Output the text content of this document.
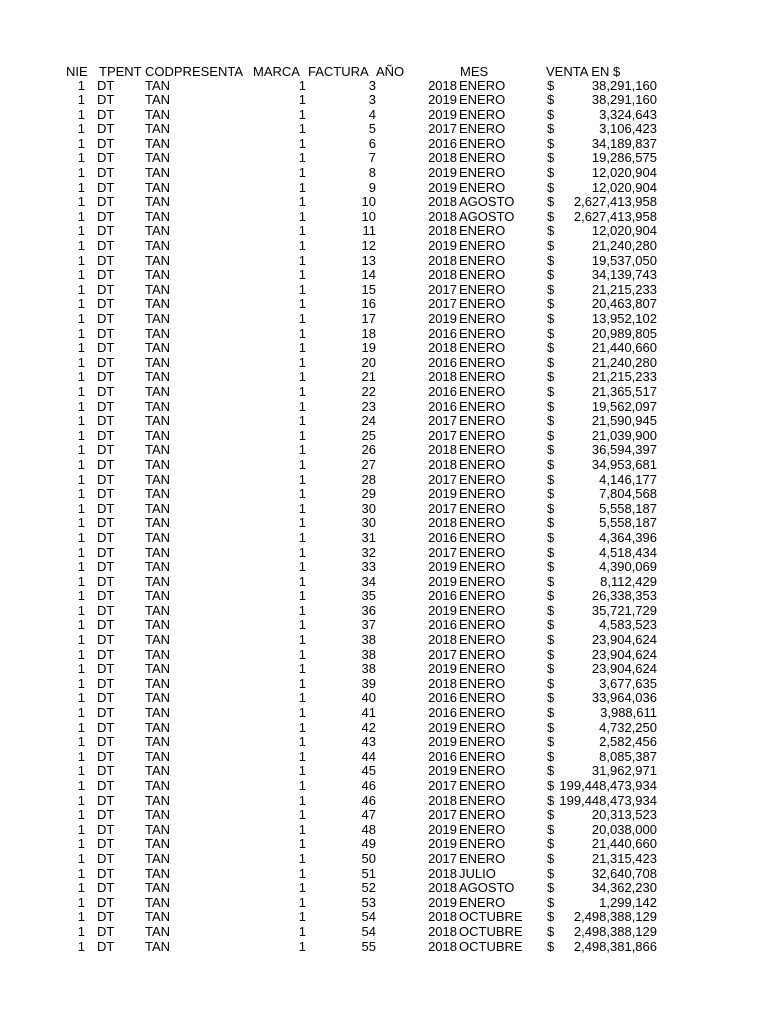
NIE TPENT CODPRESENTA MARCA FACTURA AÑO	MES	VENTA EN $
1 DT TAN	1	3	2018 ENERO	$	38,291,160
1 DT TAN	1	3	2019 ENERO	$	38,291,160
1 DT TAN	1	4	2019 ENERO	$	3,324,643
1 DT TAN	1	5	2017 ENERO	$	3,106,423
1 DT TAN	1	6	2016 ENERO	$	34,189,837
1 DT TAN	1	7	2018 ENERO	$	19,286,575
1 DT TAN	1	8	2019 ENERO	$	12,020,904
1 DT TAN	1	9	2019 ENERO	$	12,020,904
1 DT TAN	1	10	2018 AGOSTO	$ 2,627,413,958
1 DT TAN	1	10	2018 AGOSTO	$ 2,627,413,958
1 DT TAN	1	11	2018 ENERO	$	12,020,904
1 DT TAN	1	12	2019 ENERO	$	21,240,280
1 DT TAN	1	13	2018 ENERO	$	19,537,050
1 DT TAN	1	14	2018 ENERO	$	34,139,743
1 DT TAN	1	15	2017 ENERO	$	21,215,233
1 DT TAN	1	16	2017 ENERO	$	20,463,807
1 DT TAN	1	17	2019 ENERO	$	13,952,102
1 DT TAN	1	18	2016 ENERO	$	20,989,805
1 DT TAN	1	19	2018 ENERO	$	21,440,660
1 DT TAN	1	20	2016 ENERO	$	21,240,280
1 DT TAN	1	21	2018 ENERO	$	21,215,233
1 DT TAN	1	22	2016 ENERO	$	21,365,517
1 DT TAN	1	23	2016 ENERO	$	19,562,097
1 DT TAN	1	24	2017 ENERO	$	21,590,945
1 DT TAN	1	25	2017 ENERO	$	21,039,900
1 DT TAN	1	26	2018 ENERO	$	36,594,397
1 DT TAN	1	27	2018 ENERO	$	34,953,681
1 DT TAN	1	28	2017 ENERO	$	4,146,177
1 DT TAN	1	29	2019 ENERO	$	7,804,568
1 DT TAN	1	30	2017 ENERO	$	5,558,187
1 DT TAN	1	30	2018 ENERO	$	5,558,187
1 DT TAN	1	31	2016 ENERO	$	4,364,396
1 DT TAN	1	32	2017 ENERO	$	4,518,434
1 DT TAN	1	33	2019 ENERO	$	4,390,069
1 DT TAN	1	34	2019 ENERO	$	8,112,429
1 DT TAN	1	35	2016 ENERO	$	26,338,353
1 DT TAN	1	36	2019 ENERO	$	35,721,729
1 DT TAN	1	37	2016 ENERO	$	4,583,523
1 DT TAN	1	38	2018 ENERO	$	23,904,624
1 DT TAN	1	38	2017 ENERO	$	23,904,624
1 DT TAN	1	38	2019 ENERO	$	23,904,624
1 DT TAN	1	39	2018 ENERO	$	3,677,635
1 DT TAN	1	40	2016 ENERO	$	33,964,036
1 DT TAN	1	41	2016 ENERO	$	3,988,611
1 DT TAN	1	42	2019 ENERO	$	4,732,250
1 DT TAN	1	43	2019 ENERO	$	2,582,456
1 DT TAN	1	44	2016 ENERO	$	8,085,387
1 DT TAN	1	45	2019 ENERO	$	31,962,971
1 DT TAN	1	46	2017 ENERO	$ 199,448,473,934
1 DT TAN	1	46	2018 ENERO	$ 199,448,473,934
1 DT TAN	1	47	2017 ENERO	$	20,313,523
1 DT TAN	1	48	2019 ENERO	$	20,038,000
1 DT TAN	1	49	2019 ENERO	$	21,440,660
1 DT TAN	1	50	2017 ENERO	$	21,315,423
1 DT TAN	1	51	2018 JULIO	$	32,640,708
1 DT TAN	1	52	2018 AGOSTO	$	34,362,230
1 DT TAN	1	53	2019 ENERO	$	1,299,142
1 DT TAN	1	54	2018 OCTUBRE $ 2,498,388,129
1 DT TAN	1	54	2018 OCTUBRE $ 2,498,388,129
1 DT TAN	1	55	2018 OCTUBRE $ 2,498,381,866
